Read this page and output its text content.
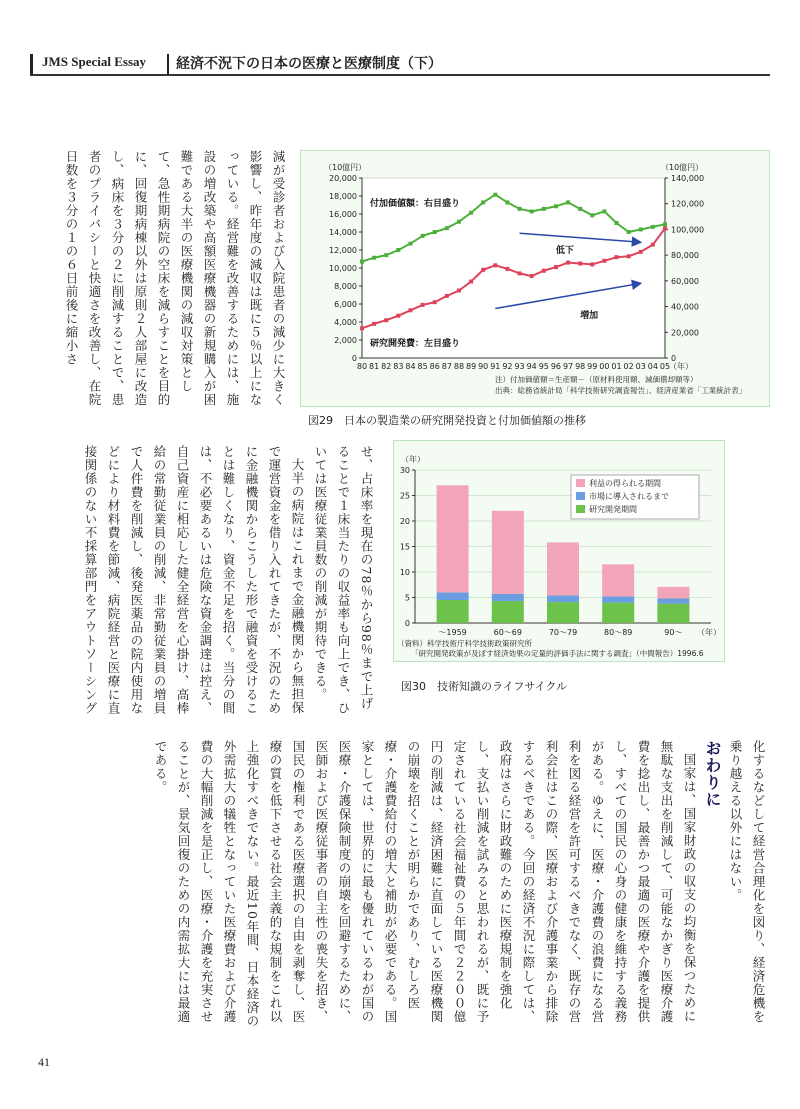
JMS Special Essay 経済不況下の日本の医療と医療制度（下）

減が受診者および入院患者の減少に大きく影響し、昨年度の減収は既に５％以上になっている。経営難を改善するためには、施設の増改築や高額医療機器の新規購入が困難である大半の医療機関の減収対策として、急性期病院の空床を減らすことを目的に、回復期病棟以外は原則２人部屋に改造し、病床を３分の２に削減することで、患者のプライバシーと快適さを改善し、在院日数を３分の１の６日前後に縮小さ

せ、占床率を現在の78％から98％まで上げることで１床当たりの収益率も向上でき、ひいては医療従業員数の削減が期待できる。

大半の病院はこれまで金融機関から無担保で運営資金を借り入れてきたが、不況のために金融機関からこうした形で融資を受けることは難しくなり、資金不足を招く。当分の間は、不必要あるいは危険な資金調達は控え、自己資産に相応した健全経営を心掛け、高棒給の常勤従業員の削減、非常勤従業員の増員で人件費を削減し、後発医薬品の院内使用などにより材料費を節減、病院経営と医療に直接関係のない不採算部門をアウトソーシング

化するなどして経営合理化を図り、経済危機を乗り越える以外にはない。

おわりに

国家は、国家財政の収支の均衡を保つために無駄な支出を削減して、可能なかぎり医療介護費を捻出し、最善かつ最適の医療や介護を提供し、すべての国民の心身の健康を維持する義務がある。ゆえに、医療・介護費の浪費になる営利を図る経営を許可するべきでなく、既存の営利会社はこの際、医療および介護事業から排除するべきである。今回の経済不況に際しては、政府はさらに財政難のために医療規制を強化し、支払い削減を試みると思われるが、既に予定されている社会福祉費の５年間で２２００億円の削減は、経済困難に直面している医療機関の崩壊を招くことが明らかであり、むしろ医療・介護費給付の増大と補助が必要である。国家としては、世界的に最も優れているわが国の医療・介護保険制度の崩壊を回避するために、医師および医療従事者の自主性の喪失を招き、国民の権利である医療選択の自由を剥奪し、医療の質を低下させる社会主義的な規制をこれ以上強化すべきでない。最近10年間、日本経済の外需拡大の犠牲となっていた医療費および介護費の大幅削減を是正し、医療・介護を充実させることが、景気回復のための内需拡大には最適である。

0
2,000
4,000
6,000
8,000
10,000
12,000
14,000
16,000
18,000
20,000
0
20,000
40,000
60,000
80,000
100,000
120,000
140,000
（10億円）	（10億円）
80 81 82 83 84 85 86 87 88 89 90 91 92 93 94 95 96 97 98 99 00 01 02 03 04 05
（年）
付加価値額：右目盛り
研究開発費：左目盛り
低下
増加
注）付加価値額＝生産額－（原材料使用額、減価償却額等）
出典：総務省統計局「科学技術研究調査報告」、経済産業省「工業統計表」
図29　日本の製造業の研究開発投資と付加価値額の推移
0
5
10
15
20
25
30
（年）
（年）
～1959	60～69	70～79	80～89	90～
利益の得られる期間
市場に導入されるまで
研究開発期間
（資料）科学技術庁科学技術政策研究所
「研究開発政策が及ぼす経済効果の定量的評価手法に関する調査」（中間報告）1996.6
図30　技術知識のライフサイクル
41
